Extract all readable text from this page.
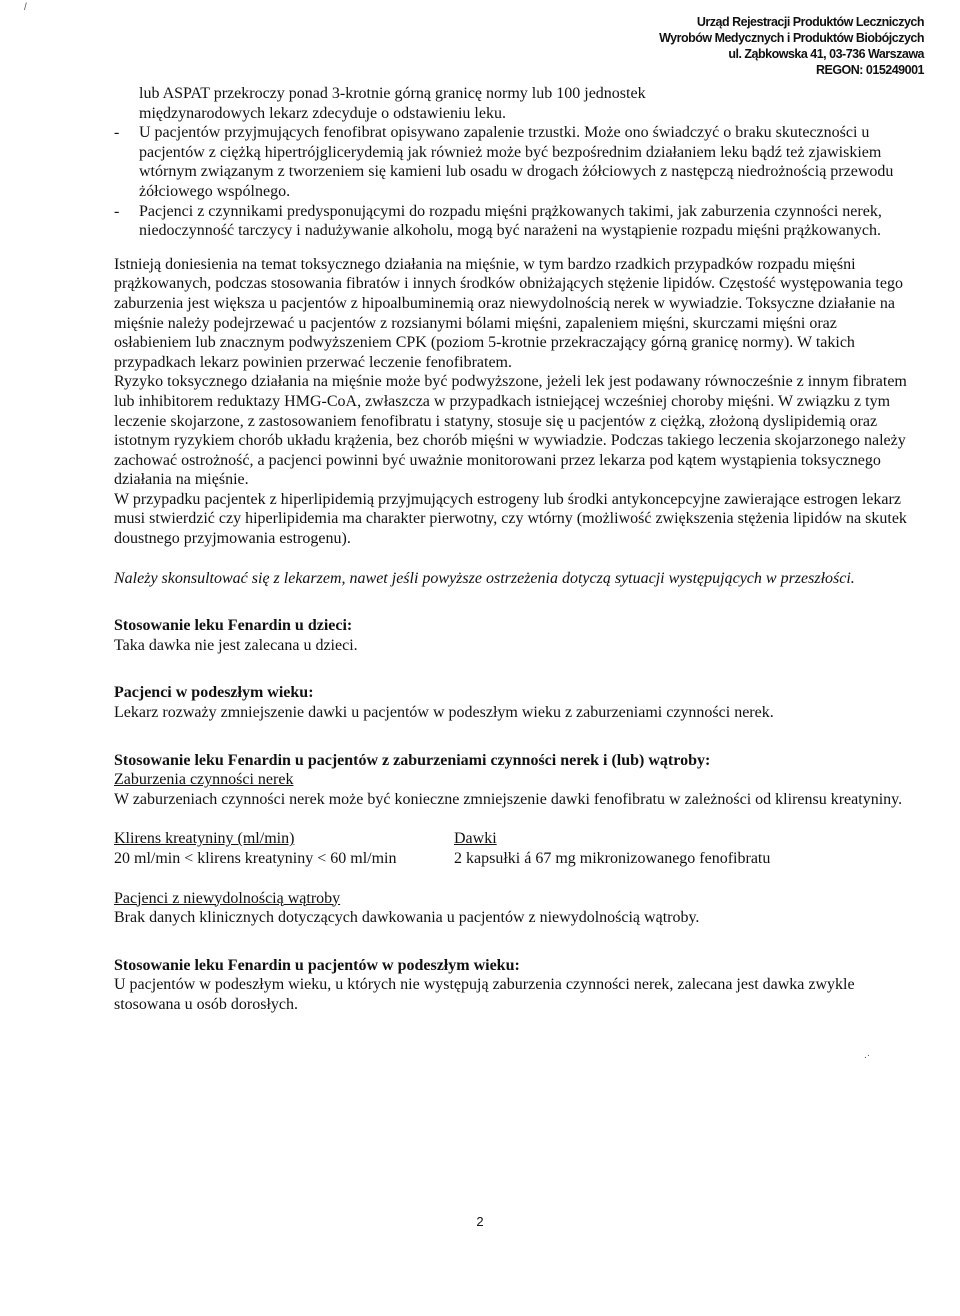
Urząd Rejestracji Produktów Leczniczych
Wyrobów Medycznych i Produktów Biobójczych
ul. Ząbkowska 41, 03-736 Warszawa
REGON: 015249001
/
.·

lub ASPAT przekroczy ponad 3-krotnie górną granicę normy lub 100 jednostek

międzynarodowych lekarz zdecyduje o odstawieniu leku.

-	U pacjentów przyjmujących fenofibrat opisywano zapalenie trzustki. Może ono świadczyć o braku skuteczności u pacjentów z ciężką hipertrójglicerydemią jak również może być bezpośrednim działaniem leku bądź też zjawiskiem wtórnym związanym z tworzeniem się kamieni lub osadu w drogach żółciowych z następczą niedrożnością przewodu żółciowego wspólnego.
-	Pacjenci z czynnikami predysponującymi do rozpadu mięśni prążkowanych takimi, jak zaburzenia czynności nerek, niedoczynność tarczycy i nadużywanie alkoholu, mogą być narażeni na wystąpienie rozpadu mięśni prążkowanych.

Istnieją doniesienia na temat toksycznego działania na mięśnie, w tym bardzo rzadkich przypadków rozpadu mięśni prążkowanych, podczas stosowania fibratów i innych środków obniżających stężenie lipidów. Częstość występowania tego zaburzenia jest większa u pacjentów z hipoalbuminemią oraz niewydolnością nerek w wywiadzie. Toksyczne działanie na mięśnie należy podejrzewać u pacjentów z rozsianymi bólami mięśni, zapaleniem mięśni, skurczami mięśni oraz osłabieniem lub znacznym podwyższeniem CPK (poziom 5-krotnie przekraczający górną granicę normy). W takich przypadkach lekarz powinien przerwać leczenie fenofibratem.

Ryzyko toksycznego działania na mięśnie może być podwyższone, jeżeli lek jest podawany równocześnie z innym fibratem lub inhibitorem reduktazy HMG-CoA, zwłaszcza w przypadkach istniejącej wcześniej choroby mięśni. W związku z tym leczenie skojarzone, z zastosowaniem fenofibratu i statyny, stosuje się u pacjentów z ciężką, złożoną dyslipidemią oraz istotnym ryzykiem chorób układu krążenia, bez chorób mięśni w wywiadzie. Podczas takiego leczenia skojarzonego należy zachować ostrożność, a pacjenci powinni być uważnie monitorowani przez lekarza pod kątem wystąpienia toksycznego działania na mięśnie.

W przypadku pacjentek z hiperlipidemią przyjmujących estrogeny lub środki antykoncepcyjne zawierające estrogen lekarz musi stwierdzić czy hiperlipidemia ma charakter pierwotny, czy wtórny (możliwość zwiększenia stężenia lipidów na skutek doustnego przyjmowania estrogenu).

Należy skonsultować się z lekarzem, nawet jeśli powyższe ostrzeżenia dotyczą sytuacji występujących w przeszłości.

Stosowanie leku Fenardin u dzieci:

Taka dawka nie jest zalecana u dzieci.

Pacjenci w podeszłym wieku:

Lekarz rozważy zmniejszenie dawki u pacjentów w podeszłym wieku z zaburzeniami czynności nerek.

Stosowanie leku Fenardin u pacjentów z zaburzeniami czynności nerek i (lub) wątroby:

Zaburzenia czynności nerek

W zaburzeniach czynności nerek może być konieczne zmniejszenie dawki fenofibratu w zależności od klirensu kreatyniny.

Klirens kreatyniny (ml/min)	Dawki
20 ml/min < klirens kreatyniny < 60 ml/min	2 kapsułki á 67 mg mikronizowanego fenofibratu

Pacjenci z niewydolnością wątroby

Brak danych klinicznych dotyczących dawkowania u pacjentów z niewydolnością wątroby.

Stosowanie leku Fenardin u pacjentów w podeszłym wieku:

U pacjentów w podeszłym wieku, u których nie występują zaburzenia czynności nerek, zalecana jest dawka zwykle stosowana u osób dorosłych.

2
